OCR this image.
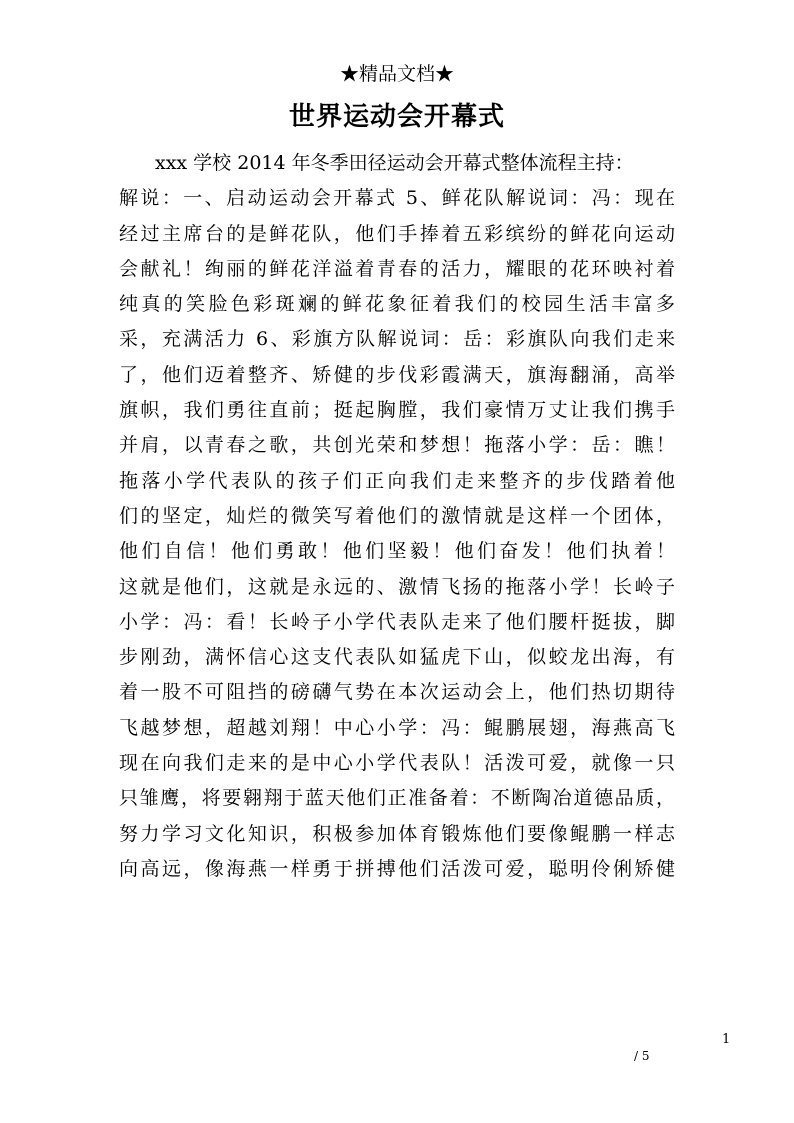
★精品文档★
世界运动会开幕式
xxx 学校 2014 年冬季田径运动会开幕式整体流程主持：
解说：一、启动运动会开幕式 5、鲜花队解说词：冯：现在
经过主席台的是鲜花队，他们手捧着五彩缤纷的鲜花向运动
会献礼！绚丽的鲜花洋溢着青春的活力，耀眼的花环映衬着
纯真的笑脸色彩斑斓的鲜花象征着我们的校园生活丰富多
采，充满活力 6、彩旗方队解说词：岳：彩旗队向我们走来
了，他们迈着整齐、矫健的步伐彩霞满天，旗海翻涌，高举
旗帜，我们勇往直前；挺起胸膛，我们豪情万丈让我们携手
并肩，以青春之歌，共创光荣和梦想！拖落小学：岳：瞧！
拖落小学代表队的孩子们正向我们走来整齐的步伐踏着他
们的坚定，灿烂的微笑写着他们的激情就是这样一个团体，
他们自信！他们勇敢！他们坚毅！他们奋发！他们执着！
这就是他们，这就是永远的、激情飞扬的拖落小学！长岭子
小学：冯：看！长岭子小学代表队走来了他们腰杆挺拔，脚
步刚劲，满怀信心这支代表队如猛虎下山，似蛟龙出海，有
着一股不可阻挡的磅礴气势在本次运动会上，他们热切期待
飞越梦想，超越刘翔！中心小学：冯：鲲鹏展翅，海燕高飞
现在向我们走来的是中心小学代表队！活泼可爱，就像一只
只雏鹰，将要翱翔于蓝天他们正准备着：不断陶冶道德品质，
努力学习文化知识，积极参加体育锻炼他们要像鲲鹏一样志
向高远，像海燕一样勇于拼搏他们活泼可爱，聪明伶俐矫健
1
/ 5
